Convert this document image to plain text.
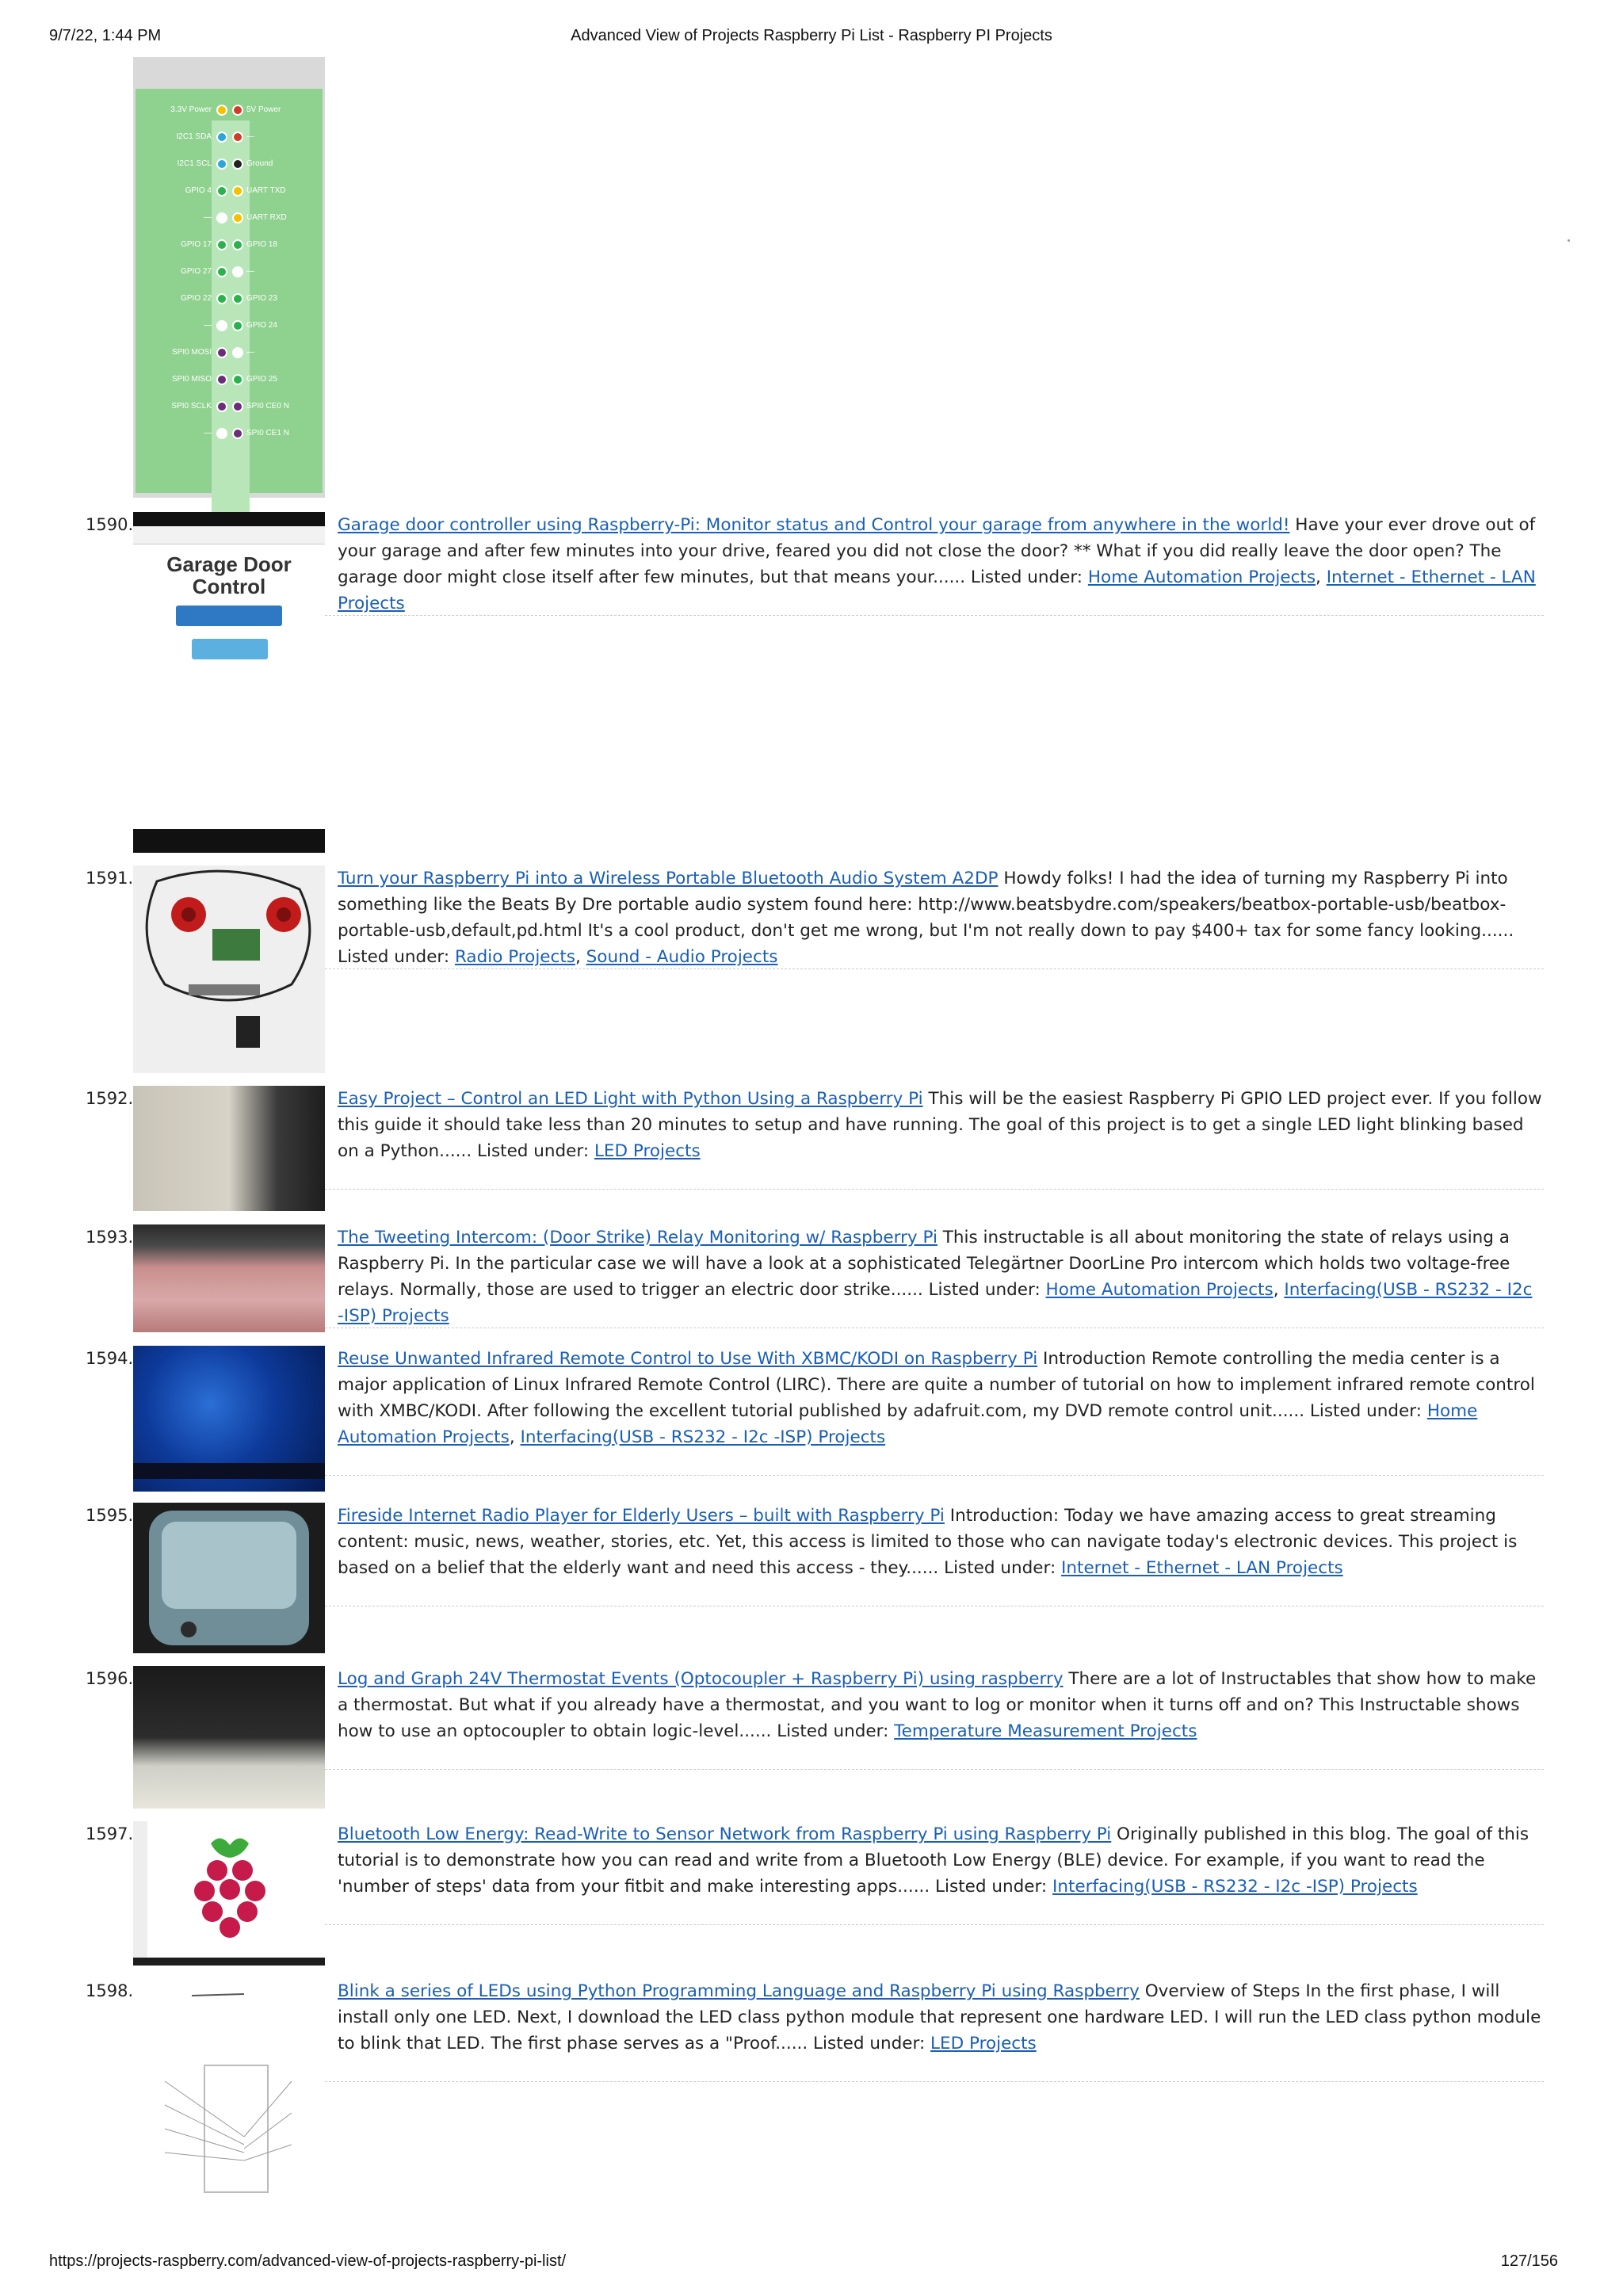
9/7/22, 1:44 PM	Advanced View of Projects Raspberry Pi List - Raspberry PI Projects
3.3V Power	5V Power
I2C1 SDA	—
I2C1 SCL	Ground
GPIO 4	UART TXD
—	UART RXD
GPIO 17	GPIO 18
GPIO 27	—
GPIO 22	GPIO 23
—	GPIO 24
SPI0 MOSI	—
SPI0 MISO	GPIO 25
SPI0 SCLK	SPI0 CE0 N
—	SPI0 CE1 N
1590.
Garage Door Control
Garage door controller using Raspberry-Pi: Monitor status and Control your garage from anywhere in the world! Have your ever drove out of your garage and after few minutes into your drive, feared you did not close the door? ** What if you did really leave the door open? The garage door might close itself after few minutes, but that means your...... Listed under: Home Automation Projects, Internet - Ethernet - LAN Projects
1591.	Turn your Raspberry Pi into a Wireless Portable Bluetooth Audio System A2DP Howdy folks! I had the idea of turning my Raspberry Pi into something like the Beats By Dre portable audio system found here: http://www.beatsbydre.com/speakers/beatbox-portable-usb/beatbox-portable-usb,default,pd.html It's a cool product, don't get me wrong, but I'm not really down to pay $400+ tax for some fancy looking...... Listed under: Radio Projects, Sound - Audio Projects
1592.	Easy Project – Control an LED Light with Python Using a Raspberry Pi This will be the easiest Raspberry Pi GPIO LED project ever. If you follow this guide it should take less than 20 minutes to setup and have running. The goal of this project is to get a single LED light blinking based on a Python...... Listed under: LED Projects
1593.	The Tweeting Intercom: (Door Strike) Relay Monitoring w/ Raspberry Pi This instructable is all about monitoring the state of relays using a Raspberry Pi. In the particular case we will have a look at a sophisticated Telegärtner DoorLine Pro intercom which holds two voltage-free relays. Normally, those are used to trigger an electric door strike...... Listed under: Home Automation Projects, Interfacing(USB - RS232 - I2c -ISP) Projects
1594.	Reuse Unwanted Infrared Remote Control to Use With XBMC/KODI on Raspberry Pi Introduction Remote controlling the media center is a major application of Linux Infrared Remote Control (LIRC). There are quite a number of tutorial on how to implement infrared remote control with XMBC/KODI. After following the excellent tutorial published by adafruit.com, my DVD remote control unit...... Listed under: Home Automation Projects, Interfacing(USB - RS232 - I2c -ISP) Projects
1595.	Fireside Internet Radio Player for Elderly Users – built with Raspberry Pi Introduction: Today we have amazing access to great streaming content: music, news, weather, stories, etc. Yet, this access is limited to those who can navigate today's electronic devices. This project is based on a belief that the elderly want and need this access - they...... Listed under: Internet - Ethernet - LAN Projects
1596.	Log and Graph 24V Thermostat Events (Optocoupler + Raspberry Pi) using raspberry There are a lot of Instructables that show how to make a thermostat. But what if you already have a thermostat, and you want to log or monitor when it turns off and on? This Instructable shows how to use an optocoupler to obtain logic-level...... Listed under: Temperature Measurement Projects
1597.	Bluetooth Low Energy: Read-Write to Sensor Network from Raspberry Pi using Raspberry Pi Originally published in this blog. The goal of this tutorial is to demonstrate how you can read and write from a Bluetooth Low Energy (BLE) device. For example, if you want to read the 'number of steps' data from your fitbit and make interesting apps...... Listed under: Interfacing(USB - RS232 - I2c -ISP) Projects
1598.	Blink a series of LEDs using Python Programming Language and Raspberry Pi using Raspberry Overview of Steps In the first phase, I will install only one LED. Next, I download the LED class python module that represent one hardware LED. I will run the LED class python module to blink that LED. The first phase serves as a "Proof...... Listed under: LED Projects
https://projects-raspberry.com/advanced-view-of-projects-raspberry-pi-list/	127/156
